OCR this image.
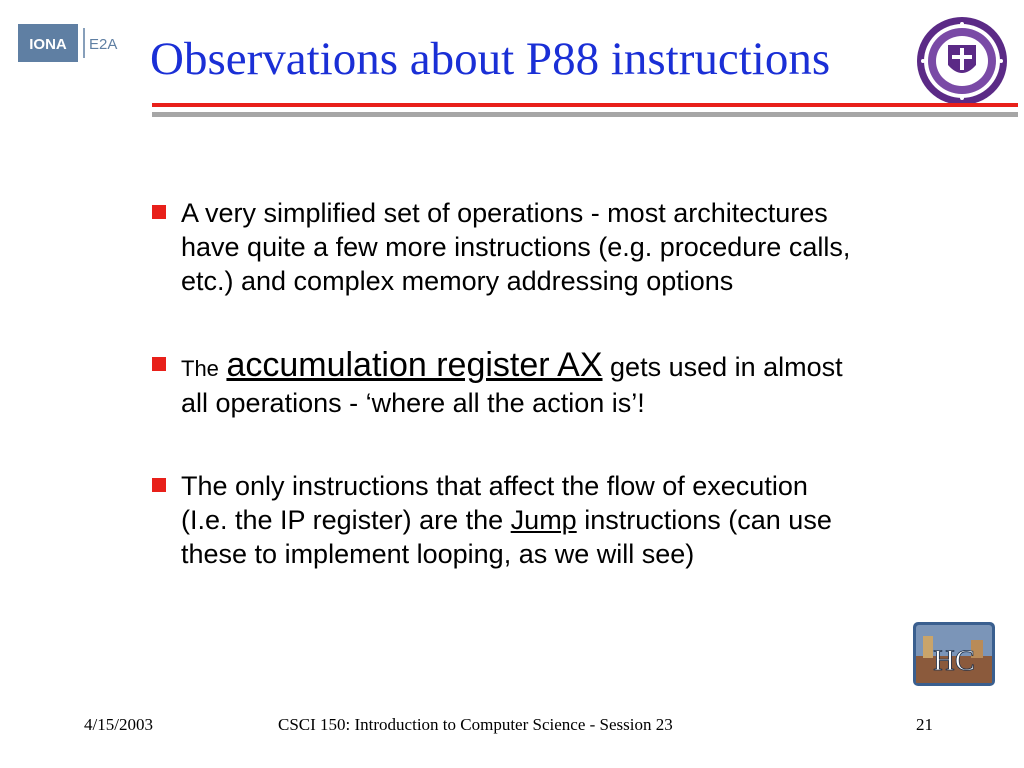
IONA E2A Observations about P88 instructions
A very simplified set of operations - most architectures have quite a few more instructions (e.g. procedure calls, etc.) and complex memory addressing options
The accumulation register AX gets used in almost all operations - ‘where all the action is’!
The only instructions that affect the flow of execution (I.e. the IP register) are the Jump instructions (can use these to implement looping, as we will see)
HC
4/15/2003	CSCI 150: Introduction to Computer Science - Session 23	21
